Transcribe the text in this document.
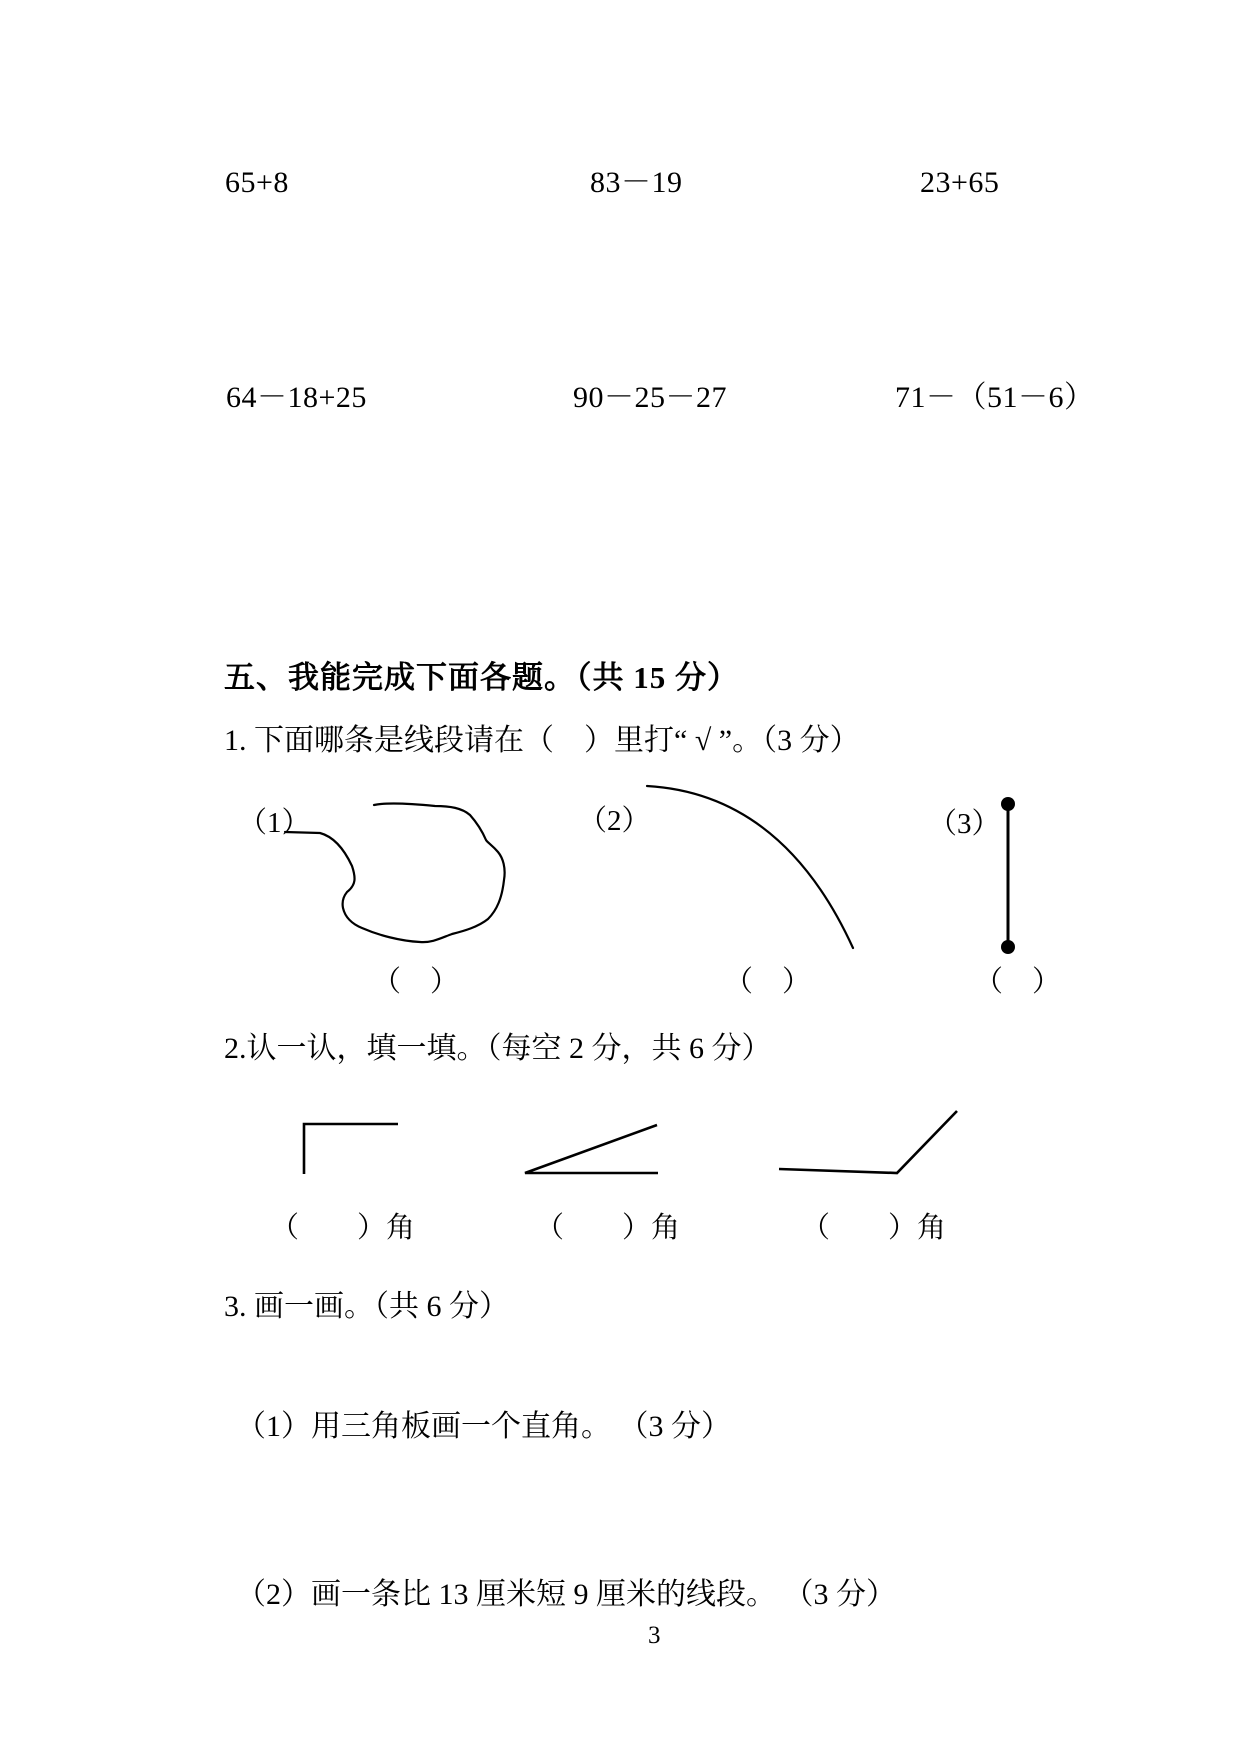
65+8	83－19	23+65
64－18+25	90－25－27	71－（51－6）
五、我能完成下面各题。（共 15 分）
1. 下面哪条是线段请在（　）里打“ √ ”。（3 分）
（1）	（2）	（3）
（　）	（　）	（　）
2.认一认，填一填。（每空 2 分，共 6 分）
（　　）角	（　　）角	（　　）角
3. 画一画。（共 6 分）
（1）用三角板画一个直角。 （3 分）
（2）画一条比 13 厘米短 9 厘米的线段。 （3 分）
3
